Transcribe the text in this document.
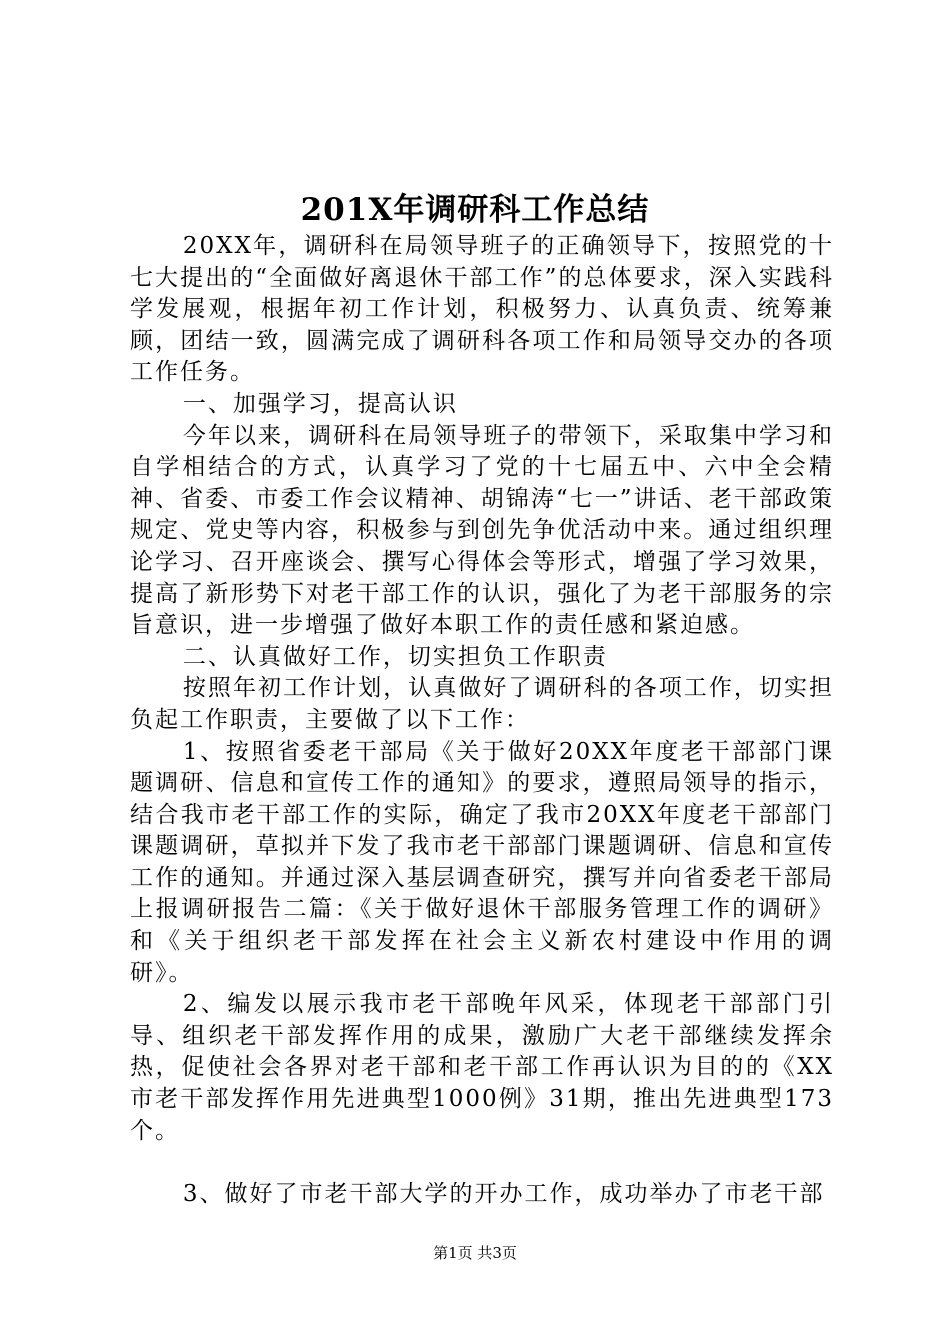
201X年调研科工作总结

20XX年，调研科在局领导班子的正确领导下，按照党的十七大提出的“全面做好离退休干部工作”的总体要求，深入实践科学发展观，根据年初工作计划，积极努力、认真负责、统筹兼顾，团结一致，圆满完成了调研科各项工作和局领导交办的各项工作任务。

一、加强学习，提高认识

今年以来，调研科在局领导班子的带领下，采取集中学习和自学相结合的方式，认真学习了党的十七届五中、六中全会精神、省委、市委工作会议精神、胡锦涛“七一”讲话、老干部政策规定、党史等内容，积极参与到创先争优活动中来。通过组织理论学习、召开座谈会、撰写心得体会等形式，增强了学习效果，提高了新形势下对老干部工作的认识，强化了为老干部服务的宗旨意识，进一步增强了做好本职工作的责任感和紧迫感。

二、认真做好工作，切实担负工作职责

按照年初工作计划，认真做好了调研科的各项工作，切实担负起工作职责，主要做了以下工作：

1、按照省委老干部局《关于做好20XX年度老干部部门课题调研、信息和宣传工作的通知》的要求，遵照局领导的指示，结合我市老干部工作的实际，确定了我市20XX年度老干部部门课题调研，草拟并下发了我市老干部部门课题调研、信息和宣传工作的通知。并通过深入基层调查研究，撰写并向省委老干部局上报调研报告二篇：《关于做好退休干部服务管理工作的调研》和《关于组织老干部发挥在社会主义新农村建设中作用的调研》。

2、编发以展示我市老干部晚年风采，体现老干部部门引导、组织老干部发挥作用的成果，激励广大老干部继续发挥余热，促使社会各界对老干部和老干部工作再认识为目的的《XX市老干部发挥作用先进典型1000例》31期，推出先进典型173个。

3、做好了市老干部大学的开办工作，成功举办了市老干部

第1页 共3页
